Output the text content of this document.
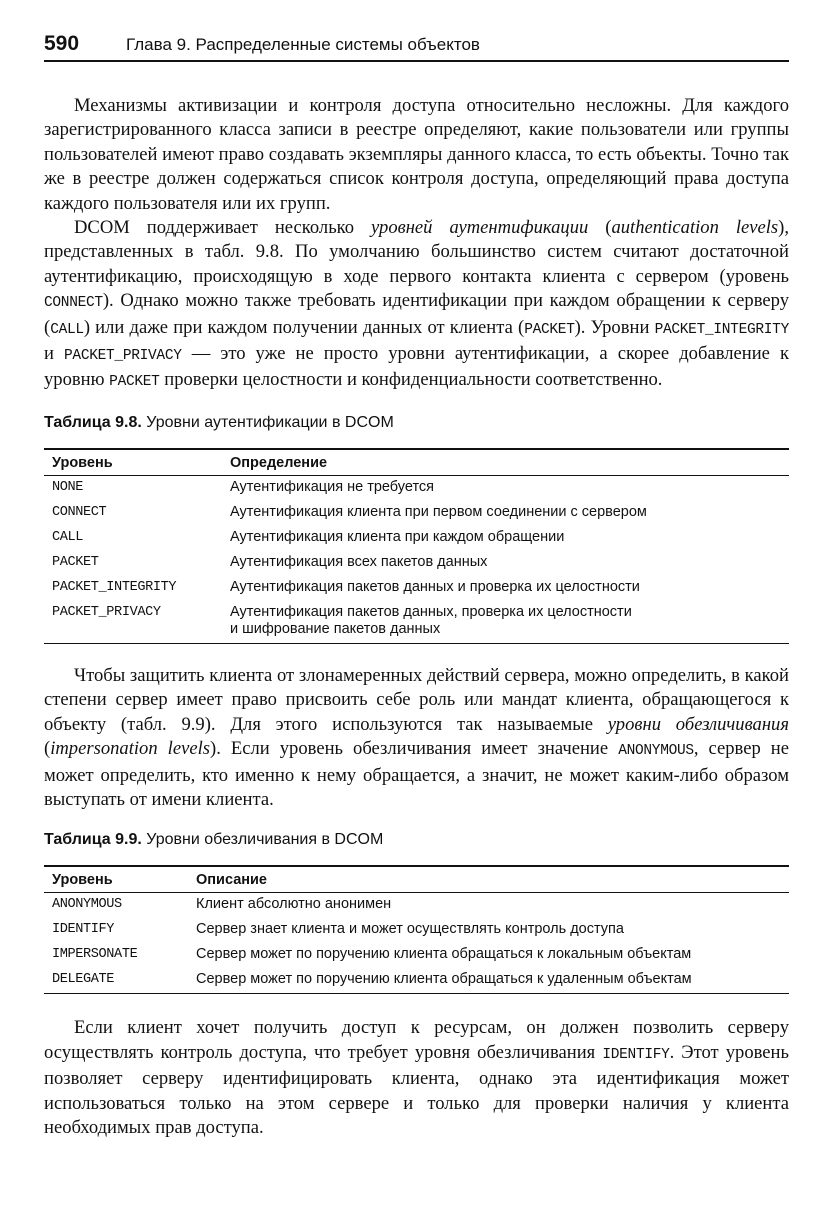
590	Глава 9. Распределенные системы объектов

Механизмы активизации и контроля доступа относительно несложны. Для каждого зарегистрированного класса записи в реестре определяют, какие пользователи или группы пользователей имеют право создавать экземпляры данного класса, то есть объекты. Точно так же в реестре должен содержаться список контроля доступа, определяющий права доступа каждого пользователя или их групп.

DCOM поддерживает несколько уровней аутентификации (authentication levels), представленных в табл. 9.8. По умолчанию большинство систем считают достаточной аутентификацию, происходящую в ходе первого контакта клиента с сервером (уровень CONNECT). Однако можно также требовать идентификации при каждом обращении к серверу (CALL) или даже при каждом получении данных от клиента (PACKET). Уровни PACKET_INTEGRITY и PACKET_PRIVACY — это уже не просто уровни аутентификации, а скорее добавление к уровню PACKET проверки целостности и конфиденциальности соответственно.

Таблица 9.8. Уровни аутентификации в DCOM

Уровень	Определение
NONE	Аутентификация не требуется
CONNECT	Аутентификация клиента при первом соединении с сервером
CALL	Аутентификация клиента при каждом обращении
PACKET	Аутентификация всех пакетов данных
PACKET_INTEGRITY	Аутентификация пакетов данных и проверка их целостности
PACKET_PRIVACY	Аутентификация пакетов данных, проверка их целостности
и шифрование пакетов данных

Чтобы защитить клиента от злонамеренных действий сервера, можно определить, в какой степени сервер имеет право присвоить себе роль или мандат клиента, обращающегося к объекту (табл. 9.9). Для этого используются так называемые уровни обезличивания (impersonation levels). Если уровень обезличивания имеет значение ANONYMOUS, сервер не может определить, кто именно к нему обращается, а значит, не может каким-либо образом выступать от имени клиента.

Таблица 9.9. Уровни обезличивания в DCOM

Уровень	Описание
ANONYMOUS	Клиент абсолютно анонимен
IDENTIFY	Сервер знает клиента и может осуществлять контроль доступа
IMPERSONATE	Сервер может по поручению клиента обращаться к локальным объектам
DELEGATE	Сервер может по поручению клиента обращаться к удаленным объектам

Если клиент хочет получить доступ к ресурсам, он должен позволить серверу осуществлять контроль доступа, что требует уровня обезличивания IDENTIFY. Этот уровень позволяет серверу идентифицировать клиента, однако эта идентификация может использоваться только на этом сервере и только для проверки наличия у клиента необходимых прав доступа.
